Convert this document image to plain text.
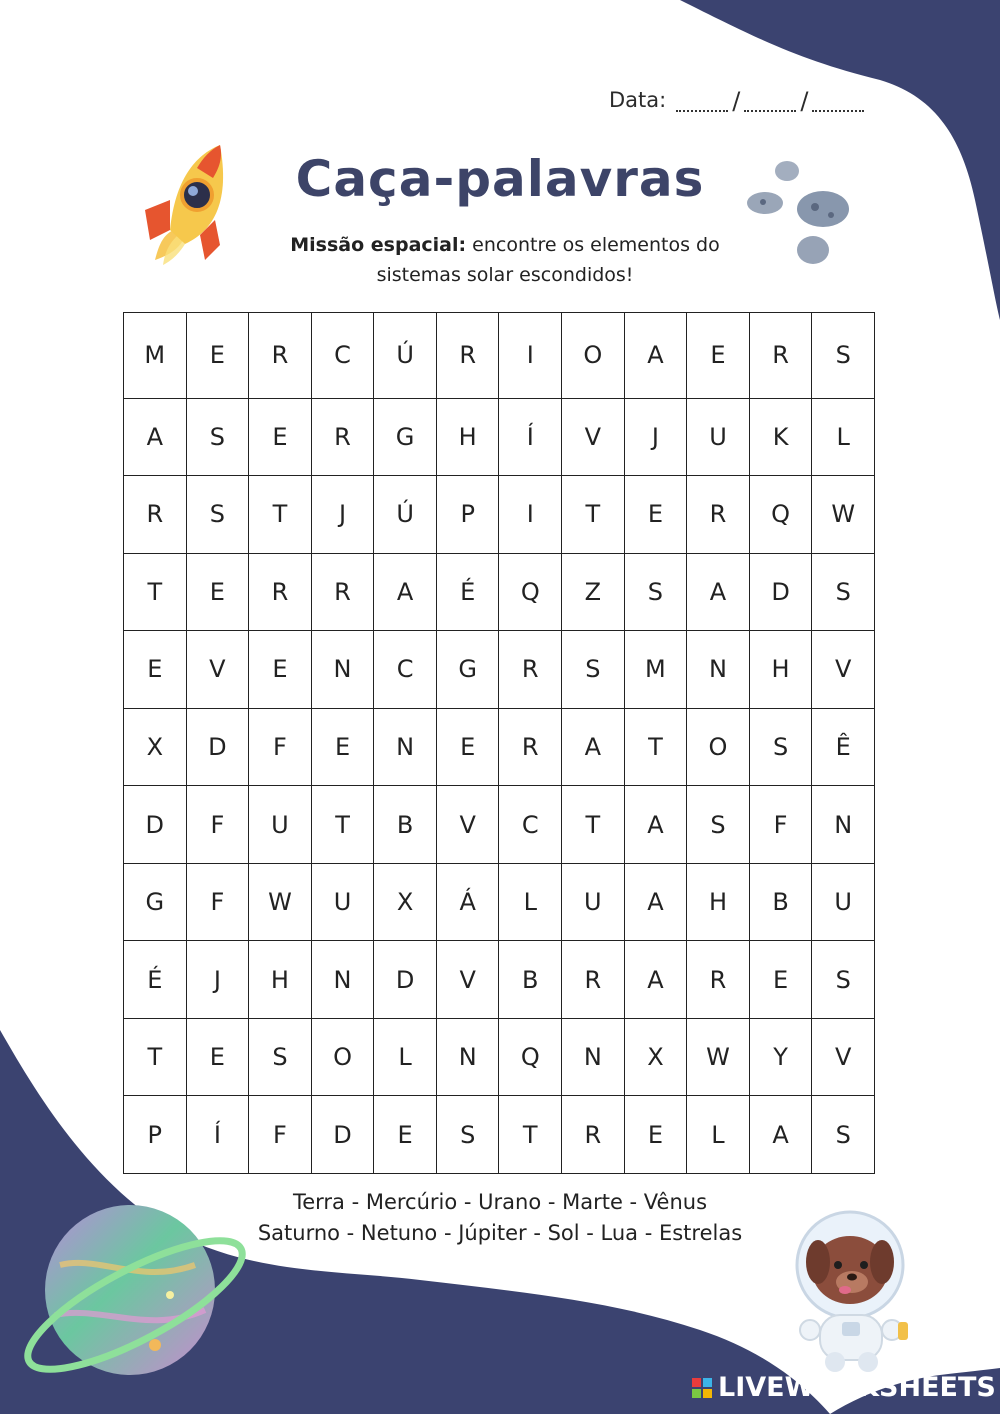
Data:	/	/
Caça-palavras
Missão espacial: encontre os elementos do
sistemas solar escondidos!
M	E	R	C	Ú	R	I	O	A	E	R	S
A	S	E	R	G	H	Í	V	J	U	K	L
R	S	T	J	Ú	P	I	T	E	R	Q	W
T	E	R	R	A	É	Q	Z	S	A	D	S
E	V	E	N	C	G	R	S	M	N	H	V
X	D	F	E	N	E	R	A	T	O	S	Ê
D	F	U	T	B	V	C	T	A	S	F	N
G	F	W	U	X	Á	L	U	A	H	B	U
É	J	H	N	D	V	B	R	A	R	E	S
T	E	S	O	L	N	Q	N	X	W	Y	V
P	Í	F	D	E	S	T	R	E	L	A	S
Terra - Mercúrio - Urano - Marte - Vênus
Saturno - Netuno - Júpiter - Sol - Lua - Estrelas
LIVEWORKSHEETS
